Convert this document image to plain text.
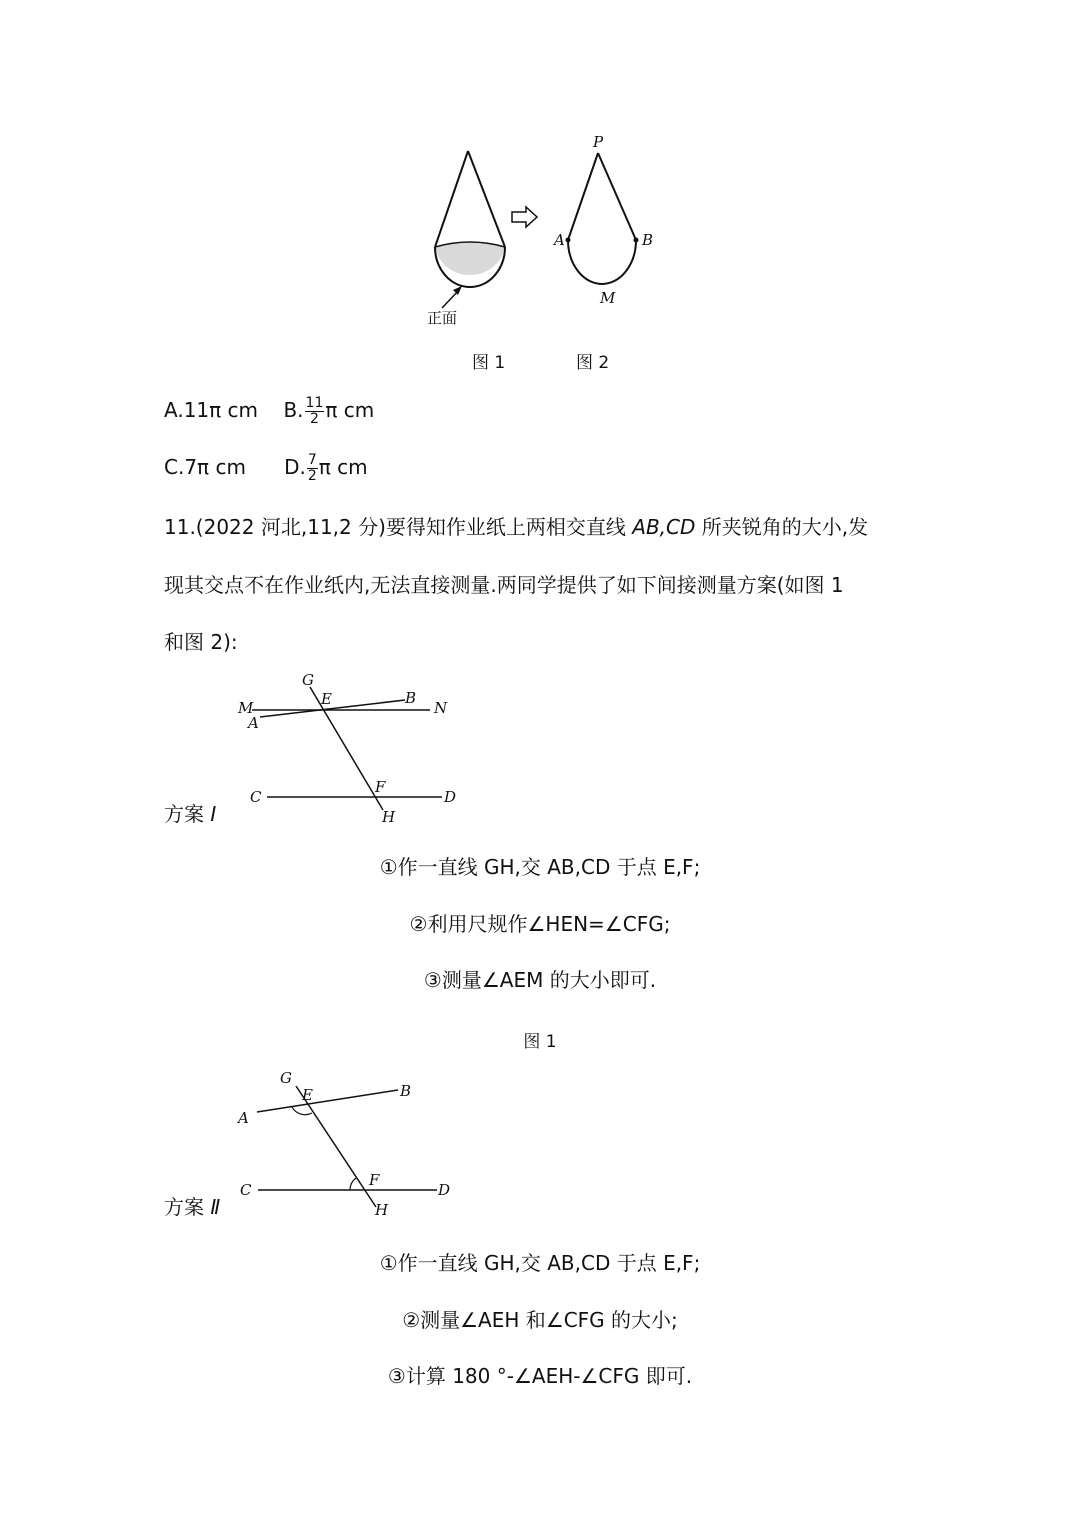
正面
P
A	B
M
图 1	图 2
A.11π cm B. $\frac{11}{2}$ π cm
C.7π cm D. $\frac{7}{2}$ π cm
11.(2022 河北,11,2 分)要得知作业纸上两相交直线 AB,CD 所夹锐角的大小,发
现其交点不在作业纸内,无法直接测量.两同学提供了如下间接测量方案(如图 1
和图 2):
G
E	B
M
A
N
C
F
D
H
方案 Ⅰ
①作一直线 GH,交 AB,CD 于点 E,F;
②利用尺规作∠HEN=∠CFG;
③测量∠AEM 的大小即可.
图 1
G
E	B
A
C
F
D
H
方案 Ⅱ
①作一直线 GH,交 AB,CD 于点 E,F;
②测量∠AEH 和∠CFG 的大小;
③计算 180 °-∠AEH-∠CFG 即可.
